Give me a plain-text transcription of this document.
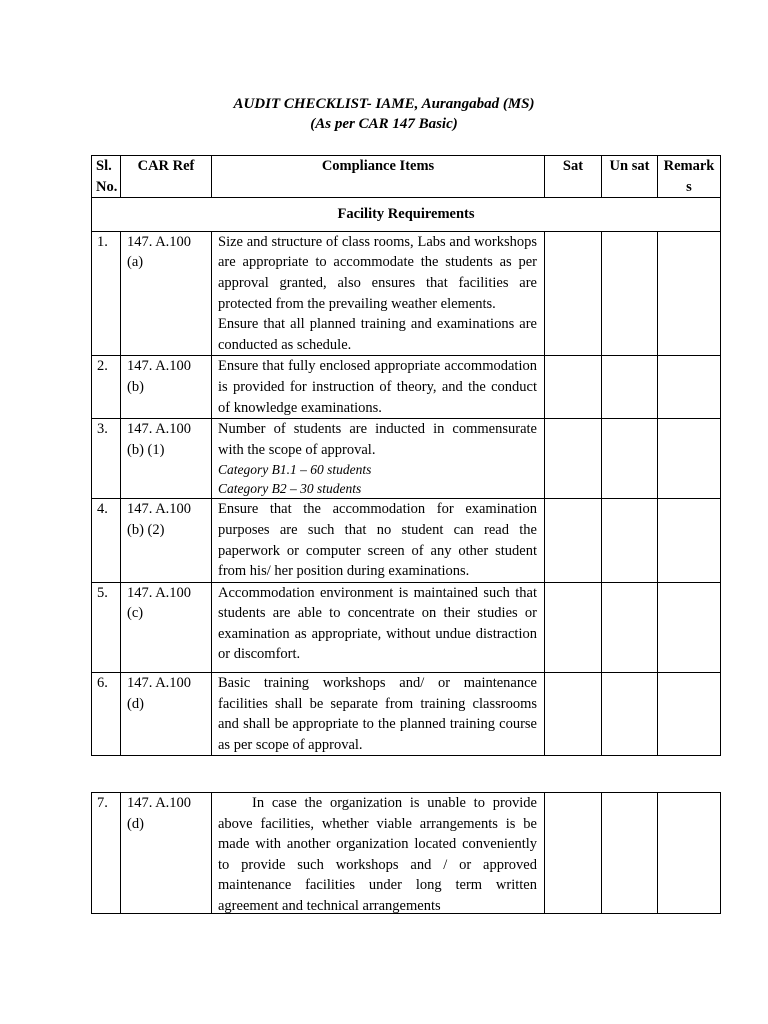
AUDIT CHECKLIST- IAME, Aurangabad (MS)
(As per CAR 147 Basic)
Sl. No.	CAR Ref	Compliance Items	Sat	Un sat	Remarks
Facility Requirements					
1.	147. A.100 (a)	Size and structure of class rooms, Labs and workshops are appropriate to accommodate the students as per approval granted, also ensures that facilities are protected from the prevailing weather elements.
Ensure that all planned training and examinations are conducted as schedule.			

2.	147. A.100 (b)	Ensure that fully enclosed appropriate accommodation is provided for instruction of theory, and the conduct of knowledge examinations.			
3.	147. A.100 (b) (1)	Number of students are inducted in commensurate with the scope of approval.
Category B1.1 – 60 students
Category B2 – 30 students			

4.	147. A.100 (b) (2)	Ensure that the accommodation for examination purposes are such that no student can read the paperwork or computer screen of any other student from his/ her position during examinations.			
5.	147. A.100 (c)	Accommodation environment is maintained such that students are able to concentrate on their studies or examination as appropriate, without undue distraction or discomfort.			
6.	147. A.100 (d)	Basic training workshops and/ or maintenance facilities shall be separate from training classrooms and shall be appropriate to the planned training course as per scope of approval.			
7.	147. A.100 (d)	
In case the organization is unable to provide above facilities, whether viable arrangements is be made with another organization located conveniently to provide such workshops and / or approved maintenance facilities under long term written agreement and technical arrangements
